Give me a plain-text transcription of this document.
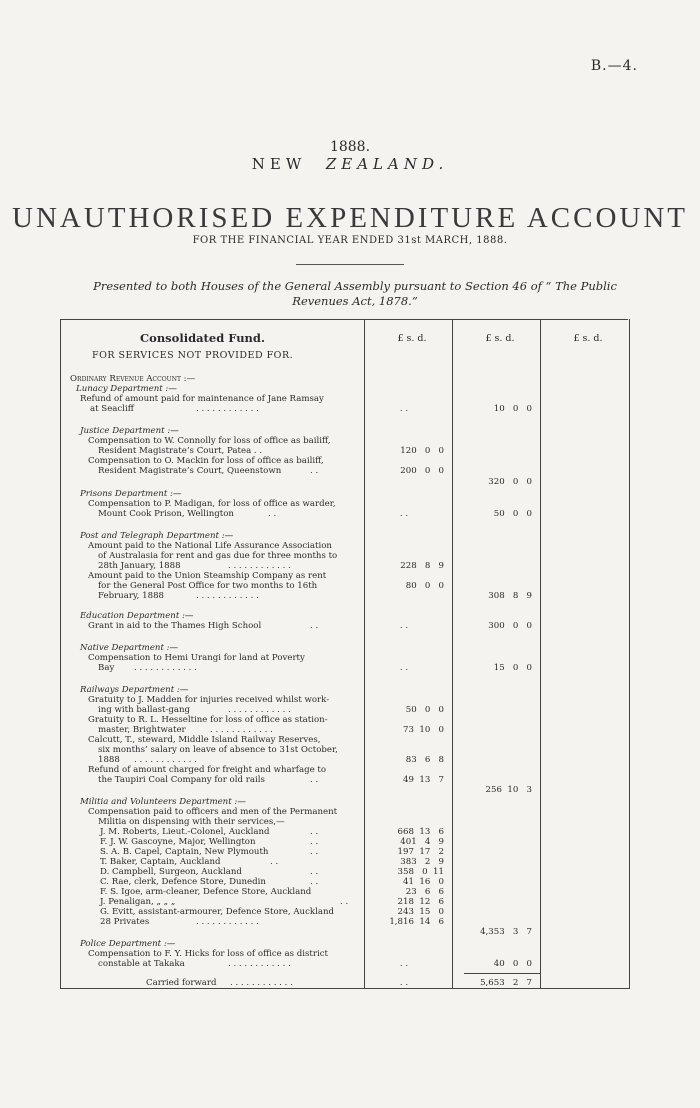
B.—4.
1888.
NEW ZEALAND.
UNAUTHORISED EXPENDITURE ACCOUNT
FOR THE FINANCIAL YEAR ENDED 31st MARCH, 1888.
Presented to both Houses of the General Assembly pursuant to Section 46 of “ The Public
Revenues Act, 1878.”
Consolidated Fund.	£ s. d.	£ s. d.	£ s. d.
FOR SERVICES NOT PROVIDED FOR.
Ordinary Revenue Account :—
Lunacy Department :—
Refund of amount paid for maintenance of Jane Ramsay
at Seacliff	. . . . . . . . . . . .	. .	10   0   0
Justice Department :—
Compensation to W. Connolly for loss of office as bailiff,
Resident Magistrate’s Court, Patea . .	120   0   0
Compensation to O. Mackin for loss of office as bailiff,
Resident Magistrate’s Court, Queenstown	. .	200   0   0
320   0   0
Prisons Department :—
Compensation to P. Madigan, for loss of office as warder,
Mount Cook Prison, Wellington	. .	. .	50   0   0
Post and Telegraph Department :—
Amount paid to the National Life Assurance Association
of Australasia for rent and gas due for three months to
28th January, 1888	. . . . . . . . . . . .	228   8   9
Amount paid to the Union Steamship Company as rent
for the General Post Office for two months to 16th	80   0   0
February, 1888	. . . . . . . . . . . .	308   8   9
Education Department :—
Grant in aid to the Thames High School	. .	. .	300   0   0
Native Department :—
Compensation to Hemi Urangi for land at Poverty
Bay . . . . . . . . . . . .	. .	15   0   0
Railways Department :—
Gratuity to J. Madden for injuries received whilst work-
ing with ballast-gang	. . . . . . . . . . . .	50   0   0
Gratuity to R. L. Hesseltine for loss of office as station-
master, Brightwater	. . . . . . . . . . . .	73  10   0
Calcutt, T., steward, Middle Island Railway Reserves,
six months’ salary on leave of absence to 31st October,
1888 . . . . . . . . . . . .	83   6   8
Refund of amount charged for freight and wharfage to
the Taupiri Coal Company for old rails	. .	49  13   7
256  10   3
Militia and Volunteers Department :—
Compensation paid to officers and men of the Permanent
Militia on dispensing with their services,—
J. M. Roberts, Lieut.-Colonel, Auckland	. .	668  13   6
F. J. W. Gascoyne, Major, Wellington	. .	401   4   9
S. A. B. Capel, Captain, New Plymouth	. .	197  17   2
T. Baker, Captain, Auckland	. .	383   2   9
D. Campbell, Surgeon, Auckland	. .	358   0  11
C. Rae, clerk, Defence Store, Dunedin	. .	41  16   0
F. S. Igoe, arm-cleaner, Defence Store, Auckland	23   6   6
J. Penaligan, „ „ „	. .	218  12   6
G. Evitt, assistant-armourer, Defence Store, Auckland	243  15   0
28 Privates	. . . . . . . . . . . .	1,816  14   6
4,353   3   7
Police Department :—
Compensation to F. Y. Hicks for loss of office as district
constable at Takaka	. . . . . . . . . . . .	. .	40   0   0
Carried forward . . . . . . . . . . . .	. .	5,653   2   7
